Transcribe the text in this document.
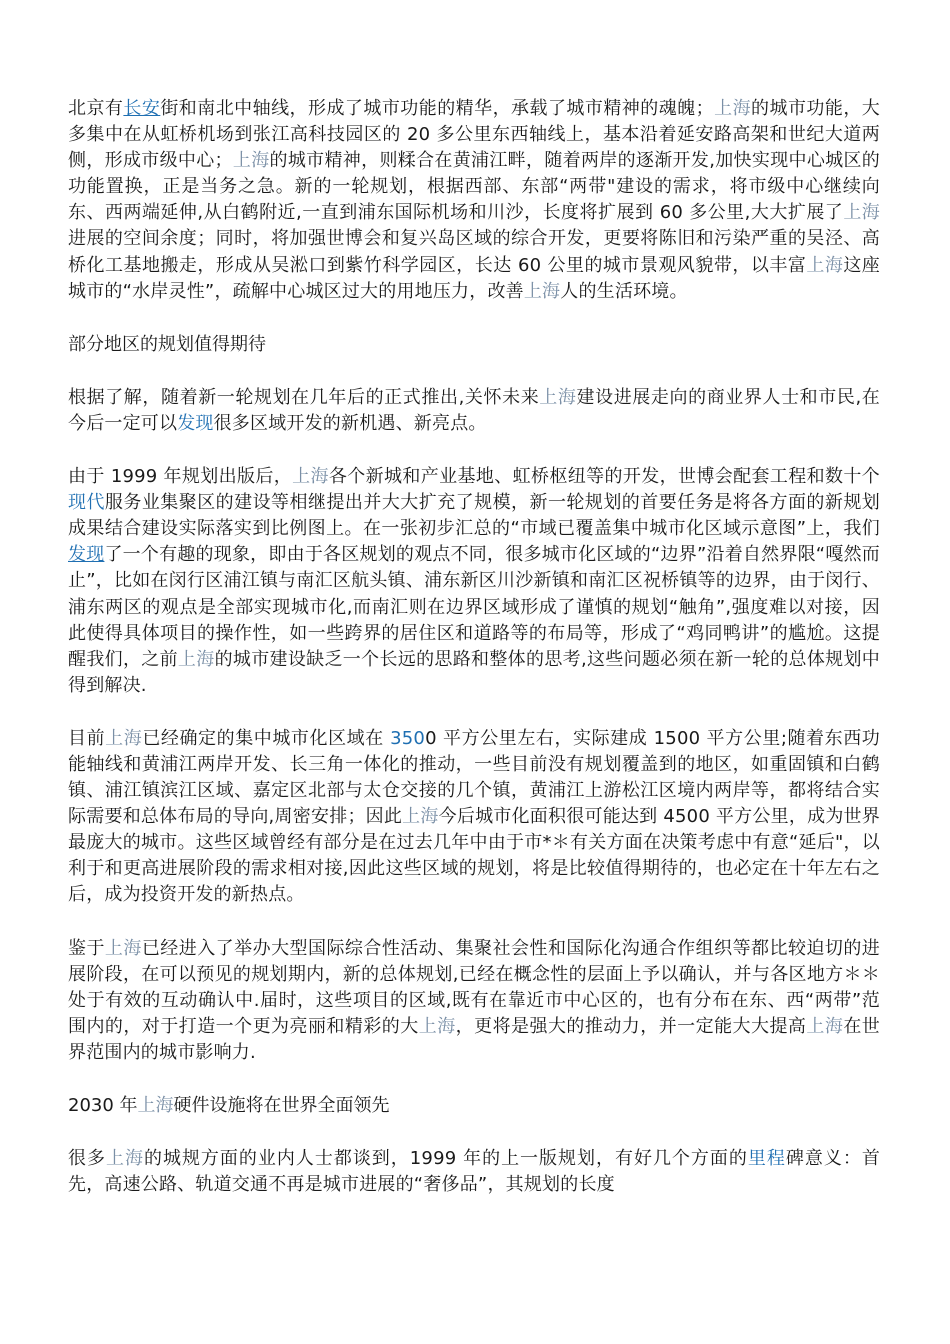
北京有长安街和南北中轴线，形成了城市功能的精华，承载了城市精神的魂魄；上海的城市功能，大多集中在从虹桥机场到张江高科技园区的 20 多公里东西轴线上，基本沿着延安路高架和世纪大道两侧，形成市级中心；上海的城市精神，则糅合在黄浦江畔，随着两岸的逐渐开发,加快实现中心城区的功能置换，正是当务之急。新的一轮规划，根据西部、东部“两带"建设的需求，将市级中心继续向东、西两端延伸,从白鹤附近,一直到浦东国际机场和川沙，长度将扩展到 60 多公里,大大扩展了上海进展的空间余度；同时，将加强世博会和复兴岛区域的综合开发，更要将陈旧和污染严重的吴泾、高桥化工基地搬走，形成从吴淞口到紫竹科学园区，长达 60 公里的城市景观风貌带，以丰富上海这座城市的“水岸灵性”，疏解中心城区过大的用地压力，改善上海人的生活环境。

部分地区的规划值得期待

根据了解，随着新一轮规划在几年后的正式推出,关怀未来上海建设进展走向的商业界人士和市民,在今后一定可以发现很多区域开发的新机遇、新亮点。

由于 1999 年规划出版后，上海各个新城和产业基地、虹桥枢纽等的开发，世博会配套工程和数十个现代服务业集聚区的建设等相继提出并大大扩充了规模，新一轮规划的首要任务是将各方面的新规划成果结合建设实际落实到比例图上。在一张初步汇总的“市域已覆盖集中城市化区域示意图”上，我们发现了一个有趣的现象，即由于各区规划的观点不同，很多城市化区域的“边界”沿着自然界限“嘎然而止”，比如在闵行区浦江镇与南汇区航头镇、浦东新区川沙新镇和南汇区祝桥镇等的边界，由于闵行、浦东两区的观点是全部实现城市化,而南汇则在边界区域形成了谨慎的规划“触角”,强度难以对接，因此使得具体项目的操作性，如一些跨界的居住区和道路等的布局等，形成了“鸡同鸭讲”的尴尬。这提醒我们，之前上海的城市建设缺乏一个长远的思路和整体的思考,这些问题必须在新一轮的总体规划中得到解决.

目前上海已经确定的集中城市化区域在 3500 平方公里左右，实际建成 1500 平方公里;随着东西功能轴线和黄浦江两岸开发、长三角一体化的推动，一些目前没有规划覆盖到的地区，如重固镇和白鹤镇、浦江镇滨江区域、嘉定区北部与太仓交接的几个镇，黄浦江上游松江区境内两岸等，都将结合实际需要和总体布局的导向,周密安排；因此上海今后城市化面积很可能达到 4500 平方公里，成为世界最庞大的城市。这些区域曾经有部分是在过去几年中由于市*＊有关方面在决策考虑中有意“延后"，以利于和更高进展阶段的需求相对接,因此这些区域的规划，将是比较值得期待的，也必定在十年左右之后，成为投资开发的新热点。

鉴于上海已经进入了举办大型国际综合性活动、集聚社会性和国际化沟通合作组织等都比较迫切的进展阶段，在可以预见的规划期内，新的总体规划,已经在概念性的层面上予以确认，并与各区地方＊＊处于有效的互动确认中.届时，这些项目的区域,既有在靠近市中心区的，也有分布在东、西“两带”范围内的，对于打造一个更为亮丽和精彩的大上海，更将是强大的推动力，并一定能大大提高上海在世界范围内的城市影响力.

2030 年上海硬件设施将在世界全面领先

很多上海的城规方面的业内人士都谈到，1999 年的上一版规划，有好几个方面的里程碑意义：首先，高速公路、轨道交通不再是城市进展的“奢侈品”，其规划的长度
